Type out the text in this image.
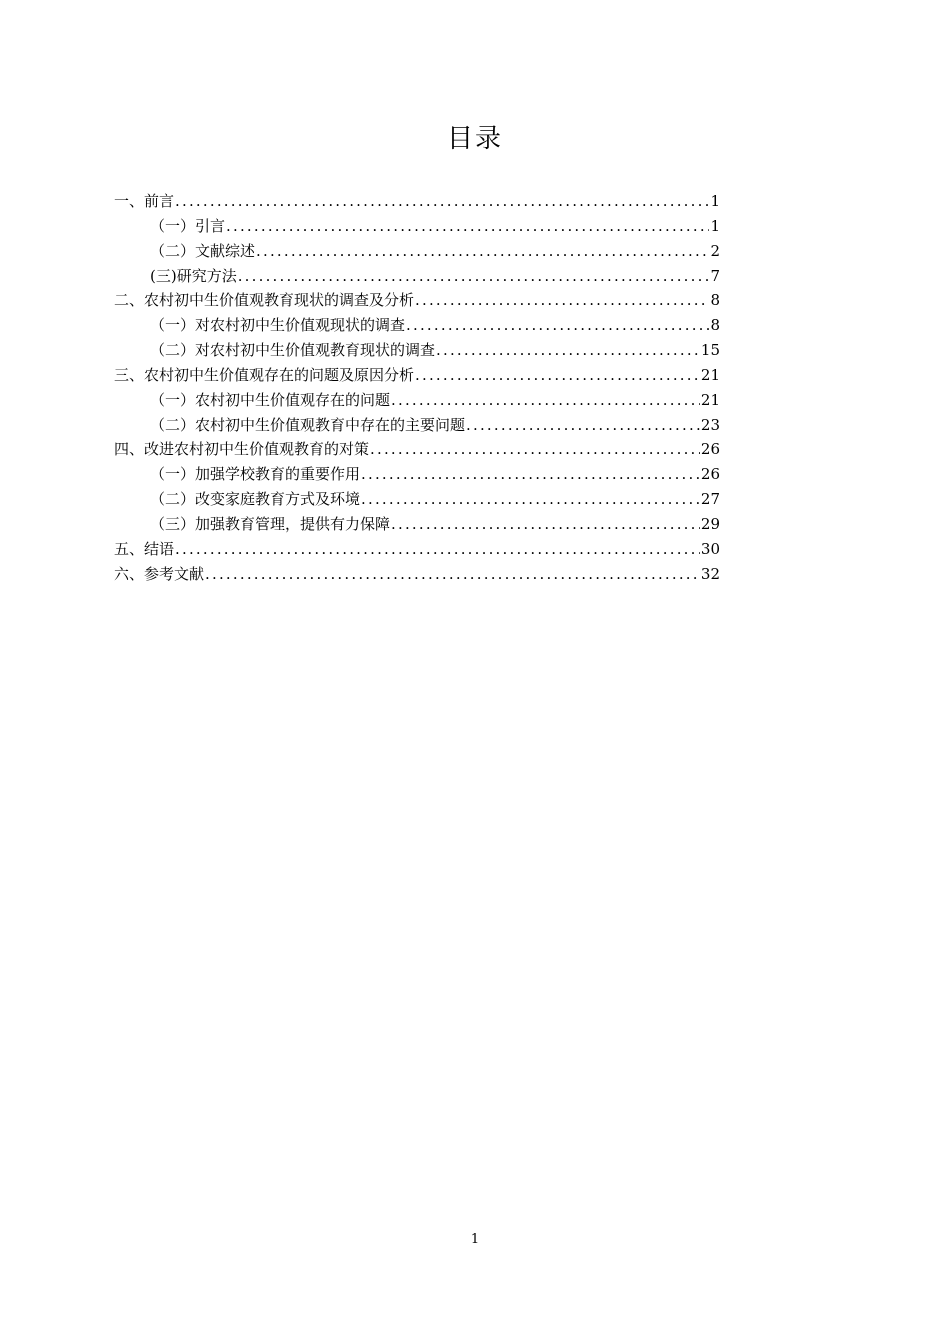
目录
一、前言 .....	1
（一）引言 .....	1
（二）文献综述 .....	2
(三)研究方法 .....	7
二、农村初中生价值观教育现状的调查及分析 .....	8
（一）对农村初中生价值观现状的调查 .....	8
（二）对农村初中生价值观教育现状的调查 .....	15
三、农村初中生价值观存在的问题及原因分析 .....	21
（一）农村初中生价值观存在的问题 .....	21
（二）农村初中生价值观教育中存在的主要问题 .....	23
四、改进农村初中生价值观教育的对策 .....	26
（一）加强学校教育的重要作用 .....	26
（二）改变家庭教育方式及环境 .....	27
（三）加强教育管理，提供有力保障 .....	29
五、结语 .....	30
六、参考文献 .....	32
1
